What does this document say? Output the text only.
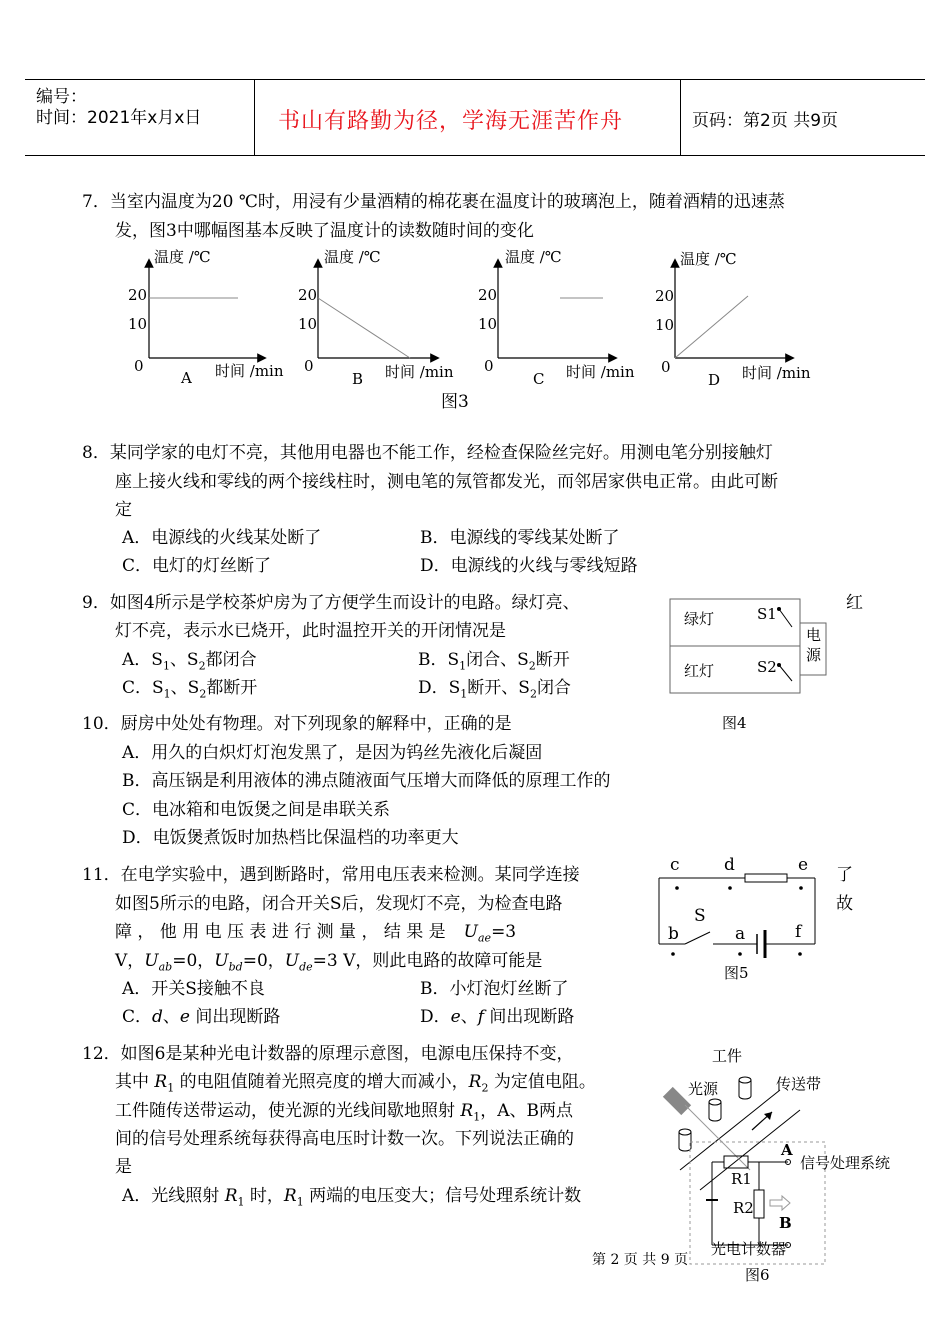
编号：
时间：2021年x月x日	书山有路勤为径，学海无涯苦作舟	页码：第2页 共9页
7．当室内温度为20 ℃时，用浸有少量酒精的棉花裹在温度计的玻璃泡上，随着酒精的迅速蒸
发，图3中哪幅图基本反映了温度计的读数随时间的变化
温度 /℃	温度 /℃	温度 /℃	温度 /℃
20
10
0
20
10
0
20
10
0
20
10
0
时间 /min	时间 /min	时间 /min	时间 /min
A	B	C	D
图3
8．某同学家的电灯不亮，其他用电器也不能工作，经检查保险丝完好。用测电笔分别接触灯
座上接火线和零线的两个接线柱时，测电笔的氖管都发光，而邻居家供电正常。由此可断
定
A．电源线的火线某处断了	B．电源线的零线某处断了
C．电灯的灯丝断了	D．电源线的火线与零线短路
9．如图4所示是学校茶炉房为了方便学生而设计的电路。绿灯亮、	红
灯不亮，表示水已烧开，此时温控开关的开闭情况是
A．$S_1$、$S_2$都闭合	B．$S_1$闭合、$S_2$断开
C．$S_1$、$S_2$都断开	D．$S_1$断开、$S_2$闭合
绿灯
红灯
S1
S2
电
源
图4
10．厨房中处处有物理。对下列现象的解释中，正确的是
A．用久的白炽灯灯泡发黑了，是因为钨丝先液化后凝固
B．高压锅是利用液体的沸点随液面气压增大而降低的原理工作的
C．电冰箱和电饭煲之间是串联关系
D．电饭煲煮饭时加热档比保温档的功率更大
11．在电学实验中，遇到断路时，常用电压表来检测。某同学连接	了
如图5所示的电路，闭合开关S后，发现灯不亮，为检查电路	故
障 ， 他 用 电 压 表 进 行 测 量 ， 结 果 是 $U_{ae}=3$
V，$U_{ab}=0$，$U_{bd}=0$，$U_{de}=3$ V，则此电路的故障可能是
A．开关S接触不良	B．小灯泡灯丝断了
C．d、e 间出现断路	D．e、f 间出现断路
c	d	e
S
b	a	f
图5
12．如图6是某种光电计数器的原理示意图，电源电压保持不变，
其中 $R_1$ 的电阻值随着光照亮度的增大而减小，$R_2$ 为定值电阻。
工件随传送带运动，使光源的光线间歇地照射 $R_1$，A、B两点
间的信号处理系统每获得高电压时计数一次。下列说法正确的
是
A．光线照射 $R_1$ 时，$R_1$ 两端的电压变大；信号处理系统计数
工件
光源	传送带
A
信号处理系统
R1
R2
B
光电计数器
图6
第 2 页 共 9 页
